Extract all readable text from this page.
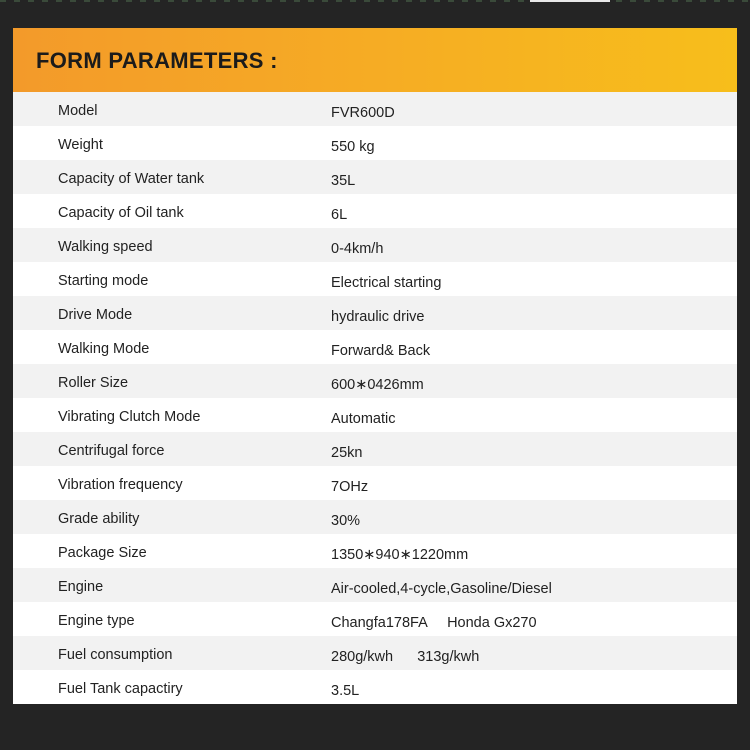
FORM PARAMETERS :
Model	FVR600D
Weight	550 kg
Capacity of Water tank	35L
Capacity of Oil tank	6L
Walking speed	0-4km/h
Starting mode	Electrical starting
Drive Mode	hydraulic drive
Walking Mode	Forward& Back
Roller Size	600∗0426mm
Vibrating Clutch Mode	Automatic
Centrifugal force	25kn
Vibration frequency	7OHz
Grade ability	30%
Package Size	1350∗940∗1220mm
Engine	Air-cooled,4-cycle,Gasoline/Diesel
Engine type	Changfa178FA     Honda Gx270
Fuel consumption	280g/kwh      313g/kwh
Fuel Tank capactiry	3.5L
